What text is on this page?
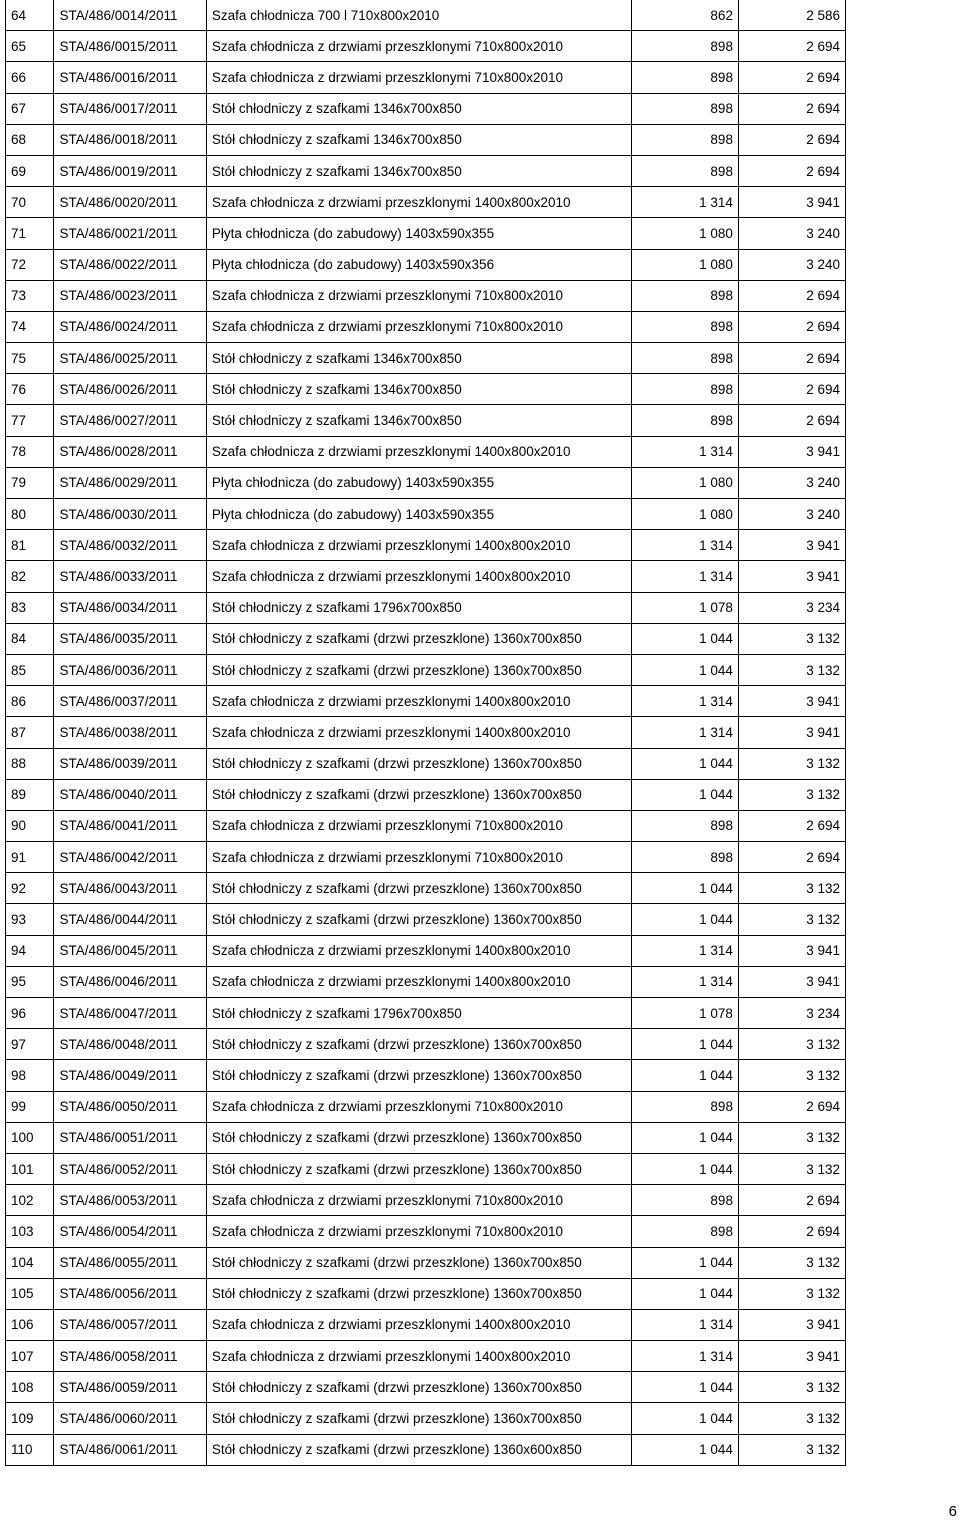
64	STA/486/0014/2011	Szafa chłodnicza 700 l 710x800x2010	862	2 586
65	STA/486/0015/2011	Szafa chłodnicza z drzwiami przeszklonymi 710x800x2010	898	2 694
66	STA/486/0016/2011	Szafa chłodnicza z drzwiami przeszklonymi 710x800x2010	898	2 694
67	STA/486/0017/2011	Stół chłodniczy z szafkami 1346x700x850	898	2 694
68	STA/486/0018/2011	Stół chłodniczy z szafkami 1346x700x850	898	2 694
69	STA/486/0019/2011	Stół chłodniczy z szafkami 1346x700x850	898	2 694
70	STA/486/0020/2011	Szafa chłodnicza z drzwiami przeszklonymi 1400x800x2010	1 314	3 941
71	STA/486/0021/2011	Płyta chłodnicza (do zabudowy) 1403x590x355	1 080	3 240
72	STA/486/0022/2011	Płyta chłodnicza (do zabudowy) 1403x590x356	1 080	3 240
73	STA/486/0023/2011	Szafa chłodnicza z drzwiami przeszklonymi 710x800x2010	898	2 694
74	STA/486/0024/2011	Szafa chłodnicza z drzwiami przeszklonymi 710x800x2010	898	2 694
75	STA/486/0025/2011	Stół chłodniczy z szafkami 1346x700x850	898	2 694
76	STA/486/0026/2011	Stół chłodniczy z szafkami 1346x700x850	898	2 694
77	STA/486/0027/2011	Stół chłodniczy z szafkami 1346x700x850	898	2 694
78	STA/486/0028/2011	Szafa chłodnicza z drzwiami przeszklonymi 1400x800x2010	1 314	3 941
79	STA/486/0029/2011	Płyta chłodnicza (do zabudowy) 1403x590x355	1 080	3 240
80	STA/486/0030/2011	Płyta chłodnicza (do zabudowy) 1403x590x355	1 080	3 240
81	STA/486/0032/2011	Szafa chłodnicza z drzwiami przeszklonymi 1400x800x2010	1 314	3 941
82	STA/486/0033/2011	Szafa chłodnicza z drzwiami przeszklonymi 1400x800x2010	1 314	3 941
83	STA/486/0034/2011	Stół chłodniczy z szafkami 1796x700x850	1 078	3 234
84	STA/486/0035/2011	Stół chłodniczy z szafkami (drzwi przeszklone) 1360x700x850	1 044	3 132
85	STA/486/0036/2011	Stół chłodniczy z szafkami (drzwi przeszklone) 1360x700x850	1 044	3 132
86	STA/486/0037/2011	Szafa chłodnicza z drzwiami przeszklonymi 1400x800x2010	1 314	3 941
87	STA/486/0038/2011	Szafa chłodnicza z drzwiami przeszklonymi 1400x800x2010	1 314	3 941
88	STA/486/0039/2011	Stół chłodniczy z szafkami (drzwi przeszklone) 1360x700x850	1 044	3 132
89	STA/486/0040/2011	Stół chłodniczy z szafkami (drzwi przeszklone) 1360x700x850	1 044	3 132
90	STA/486/0041/2011	Szafa chłodnicza z drzwiami przeszklonymi 710x800x2010	898	2 694
91	STA/486/0042/2011	Szafa chłodnicza z drzwiami przeszklonymi 710x800x2010	898	2 694
92	STA/486/0043/2011	Stół chłodniczy z szafkami (drzwi przeszklone) 1360x700x850	1 044	3 132
93	STA/486/0044/2011	Stół chłodniczy z szafkami (drzwi przeszklone) 1360x700x850	1 044	3 132
94	STA/486/0045/2011	Szafa chłodnicza z drzwiami przeszklonymi 1400x800x2010	1 314	3 941
95	STA/486/0046/2011	Szafa chłodnicza z drzwiami przeszklonymi 1400x800x2010	1 314	3 941
96	STA/486/0047/2011	Stół chłodniczy z szafkami 1796x700x850	1 078	3 234
97	STA/486/0048/2011	Stół chłodniczy z szafkami (drzwi przeszklone) 1360x700x850	1 044	3 132
98	STA/486/0049/2011	Stół chłodniczy z szafkami (drzwi przeszklone) 1360x700x850	1 044	3 132
99	STA/486/0050/2011	Szafa chłodnicza z drzwiami przeszklonymi 710x800x2010	898	2 694
100	STA/486/0051/2011	Stół chłodniczy z szafkami (drzwi przeszklone) 1360x700x850	1 044	3 132
101	STA/486/0052/2011	Stół chłodniczy z szafkami (drzwi przeszklone) 1360x700x850	1 044	3 132
102	STA/486/0053/2011	Szafa chłodnicza z drzwiami przeszklonymi 710x800x2010	898	2 694
103	STA/486/0054/2011	Szafa chłodnicza z drzwiami przeszklonymi 710x800x2010	898	2 694
104	STA/486/0055/2011	Stół chłodniczy z szafkami (drzwi przeszklone) 1360x700x850	1 044	3 132
105	STA/486/0056/2011	Stół chłodniczy z szafkami (drzwi przeszklone) 1360x700x850	1 044	3 132
106	STA/486/0057/2011	Szafa chłodnicza z drzwiami przeszklonymi 1400x800x2010	1 314	3 941
107	STA/486/0058/2011	Szafa chłodnicza z drzwiami przeszklonymi 1400x800x2010	1 314	3 941
108	STA/486/0059/2011	Stół chłodniczy z szafkami (drzwi przeszklone) 1360x700x850	1 044	3 132
109	STA/486/0060/2011	Stół chłodniczy z szafkami (drzwi przeszklone) 1360x700x850	1 044	3 132
110	STA/486/0061/2011	Stół chłodniczy z szafkami (drzwi przeszklone) 1360x600x850	1 044	3 132
6
